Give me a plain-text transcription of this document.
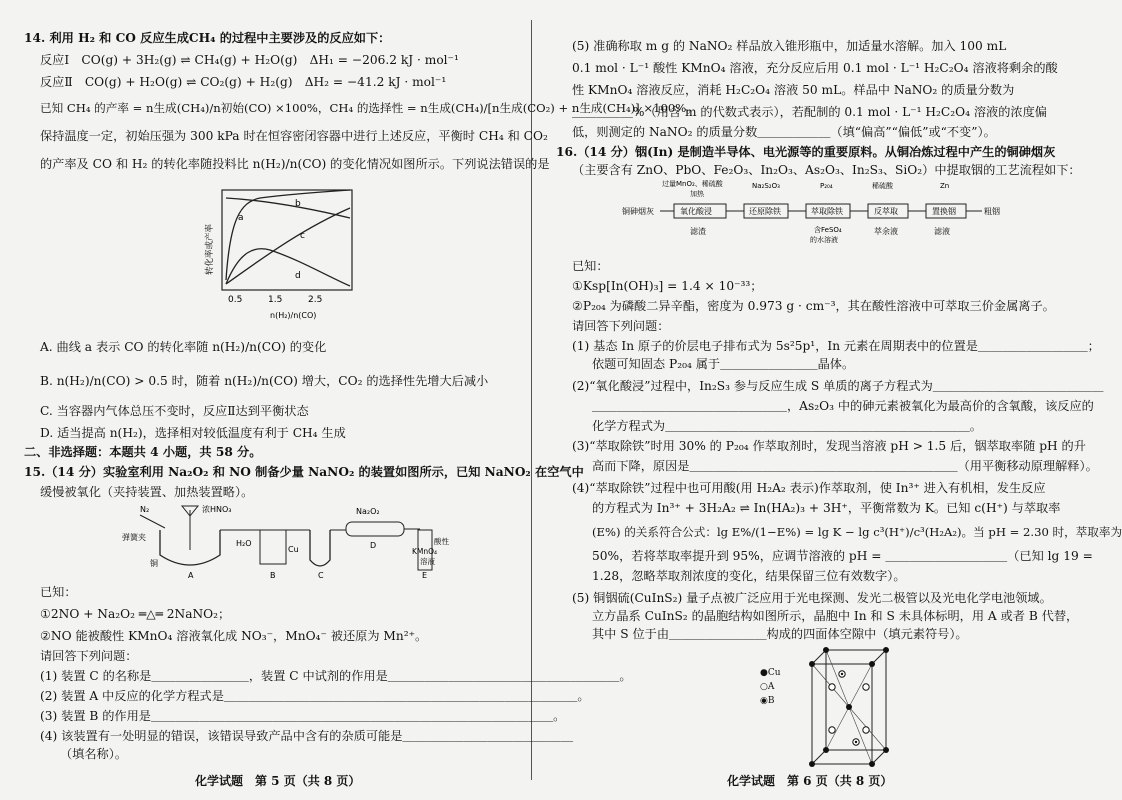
14. 利用 H₂ 和 CO 反应生成CH₄ 的过程中主要涉及的反应如下：
反应Ⅰ　CO(g) + 3H₂(g) ⇌ CH₄(g) + H₂O(g)　ΔH₁ = −206.2 kJ · mol⁻¹
反应Ⅱ　CO(g) + H₂O(g) ⇌ CO₂(g) + H₂(g)　ΔH₂ = −41.2 kJ · mol⁻¹
已知 CH₄ 的产率 = n生成(CH₄)/n初始(CO) ×100%，CH₄ 的选择性 = n生成(CH₄)/[n生成(CO₂) + n生成(CH₄)] ×100%。
保持温度一定，初始压强为 300 kPa 时在恒容密闭容器中进行上述反应，平衡时 CH₄ 和 CO₂
的产率及 CO 和 H₂ 的转化率随投料比 n(H₂)/n(CO) 的变化情况如图所示。下列说法错误的是
a
b
c
d
0.5	1.5	2.5
n(H₂)/n(CO)
转化率或产率
A. 曲线 a 表示 CO 的转化率随 n(H₂)/n(CO) 的变化
B. n(H₂)/n(CO) > 0.5 时，随着 n(H₂)/n(CO) 增大，CO₂ 的选择性先增大后减小
C. 当容器内气体总压不变时，反应Ⅱ达到平衡状态
D. 适当提高 n(H₂)，选择相对较低温度有利于 CH₄ 生成
二、非选择题：本题共 4 小题，共 58 分。
15.（14 分）实验室利用 Na₂O₂ 和 NO 制备少量 NaNO₂ 的装置如图所示，已知 NaNO₂ 在空气中
缓慢被氧化（夹持装置、加热装置略）。
N₂	浓HNO₃
弹簧夹
铜
H₂O
Cu
Na₂O₂
酸性
KMnO₄
溶液
A	B	C
D
E
已知：
①2NO + Na₂O₂ ═△═ 2NaNO₂；
②NO 能被酸性 KMnO₄ 溶液氧化成 NO₃⁻，MnO₄⁻ 被还原为 Mn²⁺。
请回答下列问题：
(1) 装置 C 的名称是＿＿＿＿＿＿＿＿，装置 C 中试剂的作用是＿＿＿＿＿＿＿＿＿＿＿＿＿＿＿＿＿＿＿。
(2) 装置 A 中反应的化学方程式是＿＿＿＿＿＿＿＿＿＿＿＿＿＿＿＿＿＿＿＿＿＿＿＿＿＿＿＿＿。
(3) 装置 B 的作用是＿＿＿＿＿＿＿＿＿＿＿＿＿＿＿＿＿＿＿＿＿＿＿＿＿＿＿＿＿＿＿＿＿。
(4) 该装置有一处明显的错误，该错误导致产品中含有的杂质可能是＿＿＿＿＿＿＿＿＿＿＿＿＿＿
（填名称）。
化学试题　第 5 页（共 8 页）
(5) 准确称取 m g 的 NaNO₂ 样品放入锥形瓶中，加适量水溶解。加入 100 mL
0.1 mol · L⁻¹ 酸性 KMnO₄ 溶液，充分反应后用 0.1 mol · L⁻¹ H₂C₂O₄ 溶液将剩余的酸
性 KMnO₄ 溶液反应，消耗 H₂C₂O₄ 溶液 50 mL。样品中 NaNO₂ 的质量分数为
＿＿＿＿＿%（用含 m 的代数式表示），若配制的 0.1 mol · L⁻¹ H₂C₂O₄ 溶液的浓度偏
低，则测定的 NaNO₂ 的质量分数＿＿＿＿＿＿（填“偏高”“偏低”或“不变”）。
16.（14 分）铟(In) 是制造半导体、电光源等的重要原料。从铜冶炼过程中产生的铜砷烟灰
（主要含有 ZnO、PbO、Fe₂O₃、In₂O₃、As₂O₃、In₂S₃、SiO₂）中提取铟的工艺流程如下：
铜砷烟灰	氧化酸浸	还原除铁	萃取除铁	反萃取	置换铟	粗铟
过量MnO₂、稀硫酸
加热
Na₂S₂O₃	P₂₀₄	稀硫酸	Zn
滤渣	含FeSO₄
的水溶液
萃余液	滤液
已知：
①Ksp[In(OH)₃] = 1.4 × 10⁻³³；
②P₂₀₄ 为磷酸二异辛酯，密度为 0.973 g · cm⁻³，其在酸性溶液中可萃取三价金属离子。
请回答下列问题：
(1) 基态 In 原子的价层电子排布式为 5s²5p¹，In 元素在周期表中的位置是＿＿＿＿＿＿＿＿＿；
依题可知固态 P₂₀₄ 属于＿＿＿＿＿＿＿＿晶体。
(2)“氧化酸浸”过程中，In₂S₃ 参与反应生成 S 单质的离子方程式为＿＿＿＿＿＿＿＿＿＿＿＿＿＿
＿＿＿＿＿＿＿＿＿＿＿＿＿＿＿＿，As₂O₃ 中的砷元素被氧化为最高价的含氧酸，该反应的
化学方程式为＿＿＿＿＿＿＿＿＿＿＿＿＿＿＿＿＿＿＿＿＿＿＿＿＿。
(3)“萃取除铁”时用 30% 的 P₂₀₄ 作萃取剂时，发现当溶液 pH > 1.5 后，铟萃取率随 pH 的升
高而下降，原因是＿＿＿＿＿＿＿＿＿＿＿＿＿＿＿＿＿＿＿＿＿＿（用平衡移动原理解释）。
(4)“萃取除铁”过程中也可用酸(用 H₂A₂ 表示)作萃取剂，使 In³⁺ 进入有机相，发生反应
的方程式为 In³⁺ + 3H₂A₂ ⇌ In(HA₂)₃ + 3H⁺，平衡常数为 K。已知 c(H⁺) 与萃取率
(E%) 的关系符合公式：lg E%/(1−E%) = lg K − lg c³(H⁺)/c³(H₂A₂)。当 pH = 2.30 时，萃取率为
50%，若将萃取率提升到 95%，应调节溶液的 pH = ＿＿＿＿＿＿＿＿＿＿（已知 lg 19 =
1.28，忽略萃取剂浓度的变化，结果保留三位有效数字）。
(5) 铜铟硫(CuInS₂) 量子点被广泛应用于光电探测、发光二极管以及光电化学电池领域。
立方晶系 CuInS₂ 的晶胞结构如图所示，晶胞中 In 和 S 未具体标明，用 A 或者 B 代替，
其中 S 位于由＿＿＿＿＿＿＿＿构成的四面体空隙中（填元素符号）。
●Cu
○A
◉B
化学试题　第 6 页（共 8 页）
